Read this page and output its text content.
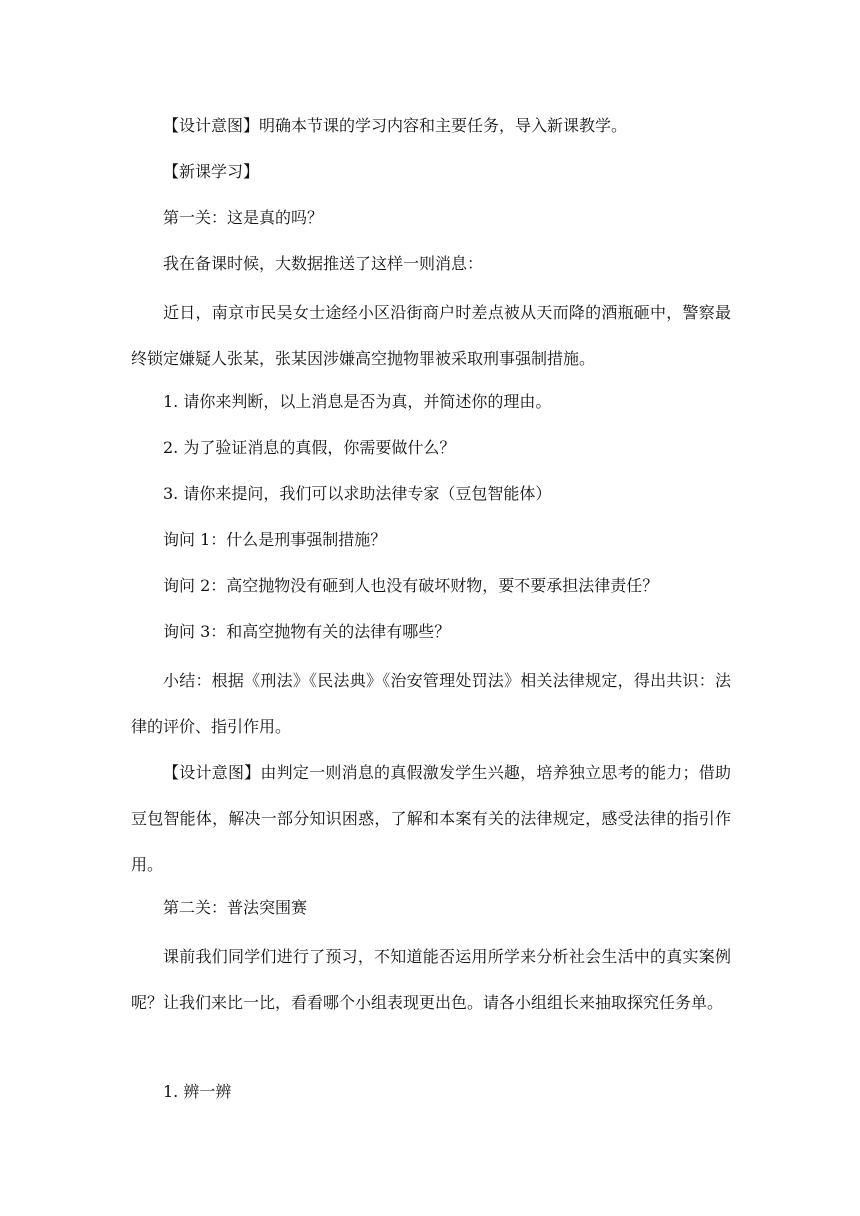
【设计意图】明确本节课的学习内容和主要任务，导入新课教学。

【新课学习】

第一关：这是真的吗？

我在备课时候，大数据推送了这样一则消息：

近日，南京市民吴女士途经小区沿街商户时差点被从天而降的酒瓶砸中，警察最终锁定嫌疑人张某，张某因涉嫌高空抛物罪被采取刑事强制措施。

1. 请你来判断，以上消息是否为真，并简述你的理由。

2. 为了验证消息的真假，你需要做什么？

3. 请你来提问，我们可以求助法律专家（豆包智能体）

询问 1：什么是刑事强制措施？

询问 2：高空抛物没有砸到人也没有破坏财物，要不要承担法律责任？

询问 3：和高空抛物有关的法律有哪些？

小结：根据《刑法》《民法典》《治安管理处罚法》相关法律规定，得出共识：法律的评价、指引作用。

【设计意图】由判定一则消息的真假激发学生兴趣，培养独立思考的能力；借助豆包智能体，解决一部分知识困惑，了解和本案有关的法律规定，感受法律的指引作用。

第二关：普法突围赛

课前我们同学们进行了预习，不知道能否运用所学来分析社会生活中的真实案例呢？让我们来比一比，看看哪个小组表现更出色。请各小组组长来抽取探究任务单。

1. 辨一辨
